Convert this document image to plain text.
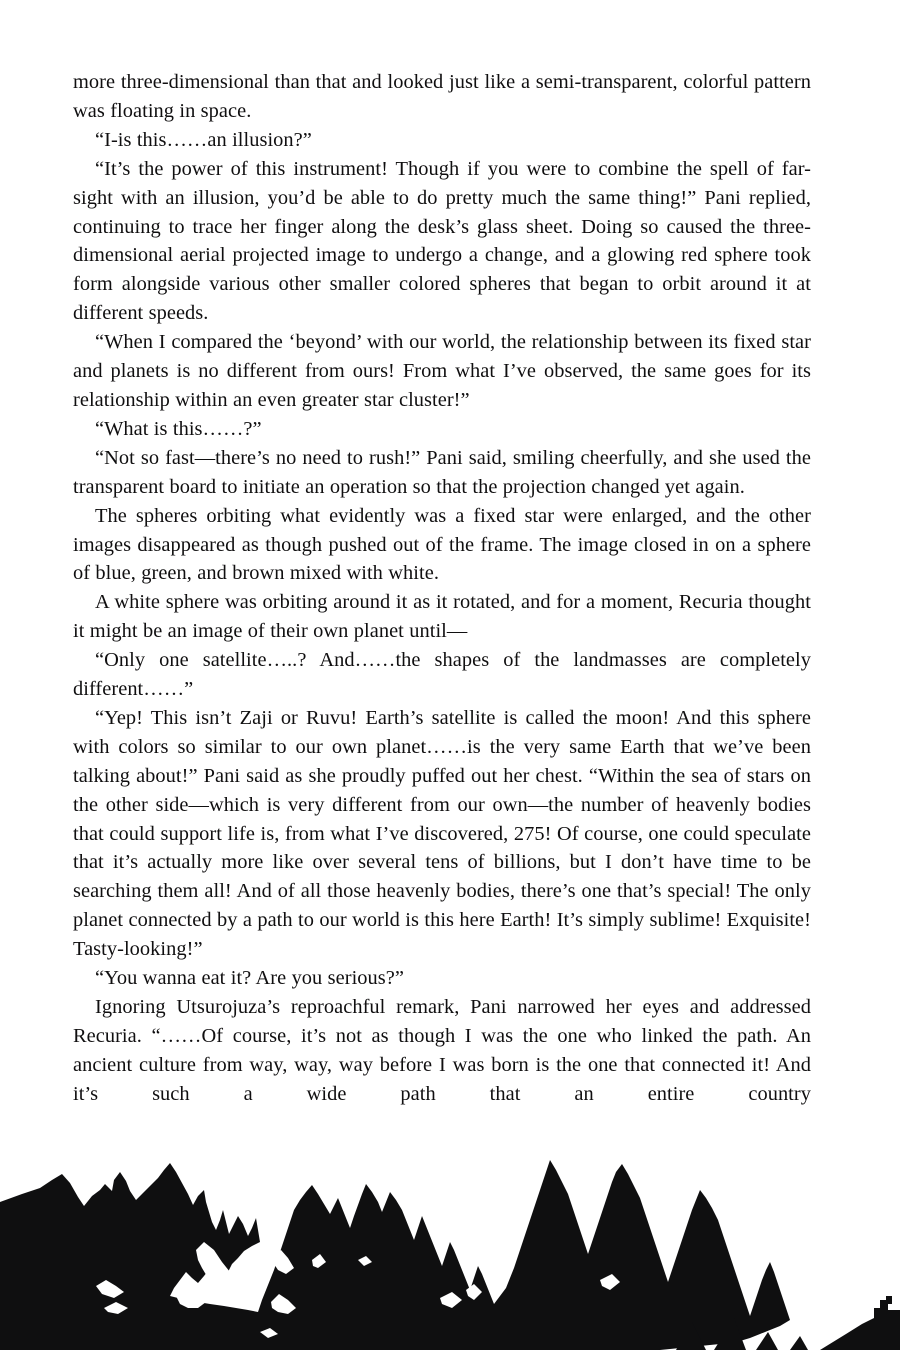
more three-dimensional than that and looked just like a semi-transparent, colorful pattern was floating in space.

“I-is this……an illusion?”

“It’s the power of this instrument! Though if you were to combine the spell of far-sight with an illusion, you’d be able to do pretty much the same thing!” Pani replied, continuing to trace her finger along the desk’s glass sheet. Doing so caused the three-dimensional aerial projected image to undergo a change, and a glowing red sphere took form alongside various other smaller colored spheres that began to orbit around it at different speeds.

“When I compared the ‘beyond’ with our world, the relationship between its fixed star and planets is no different from ours! From what I’ve observed, the same goes for its relationship within an even greater star cluster!”

“What is this……?”

“Not so fast—there’s no need to rush!” Pani said, smiling cheerfully, and she used the transparent board to initiate an operation so that the projection changed yet again.

The spheres orbiting what evidently was a fixed star were enlarged, and the other images disappeared as though pushed out of the frame. The image closed in on a sphere of blue, green, and brown mixed with white.

A white sphere was orbiting around it as it rotated, and for a moment, Recuria thought it might be an image of their own planet until—

“Only one satellite…..? And……the shapes of the landmasses are completely different……”

“Yep! This isn’t Zaji or Ruvu! Earth’s satellite is called the moon! And this sphere with colors so similar to our own planet……is the very same Earth that we’ve been talking about!” Pani said as she proudly puffed out her chest. “Within the sea of stars on the other side—which is very different from our own—the number of heavenly bodies that could support life is, from what I’ve discovered, 275! Of course, one could speculate that it’s actually more like over several tens of billions, but I don’t have time to be searching them all! And of all those heavenly bodies, there’s one that’s special! The only planet connected by a path to our world is this here Earth! It’s simply sublime! Exquisite! Tasty-looking!”

“You wanna eat it? Are you serious?”

Ignoring Utsurojuza’s reproachful remark, Pani narrowed her eyes and addressed Recuria. “……Of course, it’s not as though I was the one who linked the path. An ancient culture from way, way, way before I was born is the one that connected it! And it’s such a wide path that an entire country
